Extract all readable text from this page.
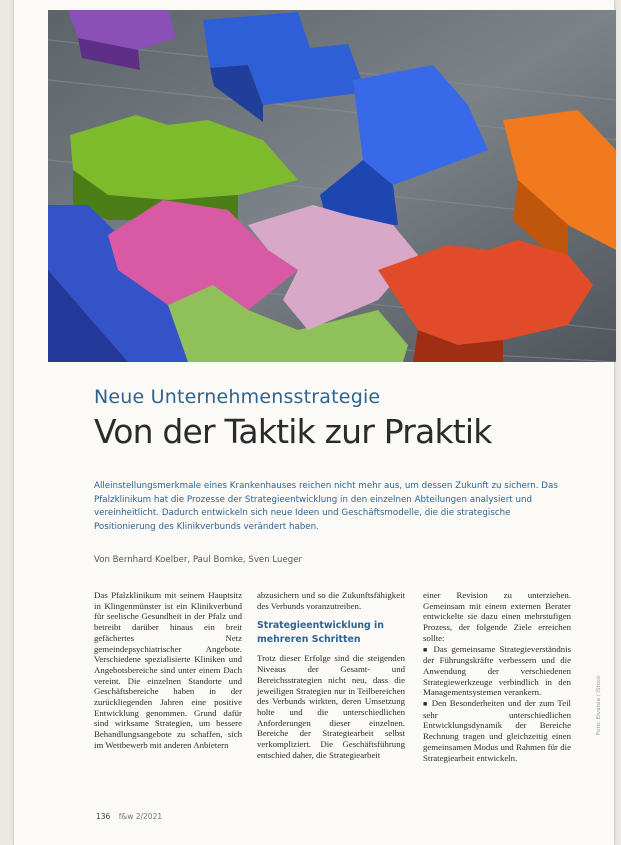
Neue Unternehmensstrategie
Von der Taktik zur Praktik
Alleinstellungsmerkmale eines Krankenhauses reichen nicht mehr aus, um dessen Zukunft zu sichern. Das Pfalzklinikum hat die Prozesse der Strategieentwicklung in den einzelnen Abteilungen analysiert und vereinheitlicht. Dadurch entwickeln sich neue Ideen und Geschäftsmodelle, die die strategische Positionierung des Klinikverbunds verändert haben.
Von Bernhard Koelber, Paul Bomke, Sven Lueger

Das Pfalzklinikum mit seinem Hauptsitz in Klingenmünster ist ein Klinikverbund für seelische Gesundheit in der Pfalz und betreibt darüber hinaus ein breit gefächertes Netz gemeindepsychiatrischer Angebote. Verschiedene spezialisierte Kliniken und Angebotsbereiche sind unter einem Dach vereint. Die einzelnen Standorte und Geschäftsbereiche haben in der zurückliegenden Jahren eine positive Entwicklung genommen. Grund dafür sind wirksame Strategien, um bessere Behandlungsangebote zu schaffen, sich im Wettbewerb mit anderen Anbietern

abzusichern und so die Zukunftsfähigkeit des Verbunds voranzutreiben.

Strategieentwicklung in mehreren Schritten

Trotz dieser Erfolge sind die steigenden Niveaus der Gesamt- und Bereichsstrategien nicht neu, dass die jeweiligen Strategien nur in Teilbereichen des Verbunds wirkten, deren Umsetzung holte und die unterschiedlichen Anforderungen dieser einzelnen. Bereiche der Strategiearbeit selbst verkompliziert. Die Geschäftsführung entschied daher, die Strategiearbeit

einer Revision zu unterziehen. Gemeinsam mit einem externen Berater entwickelte sie dazu einen mehrstufigen Prozess, der folgende Ziele erreichen sollte:

■ Das gemeinsame Strategieverständnis der Führungskräfte verbessern und die Anwendung der verschiedenen Strategiewerkzeuge verbindlich in den Managementsystemen verankern.

■ Den Besonderheiten und der zum Teil sehr unterschiedlichen Entwicklungsdynamik der Bereiche Rechnung tragen und gleichzeitig einen gemeinsamen Modus und Rahmen für die Strategiearbeit entwickeln.

Foto: Eivaisla / iStock
136 f&w 2/2021
